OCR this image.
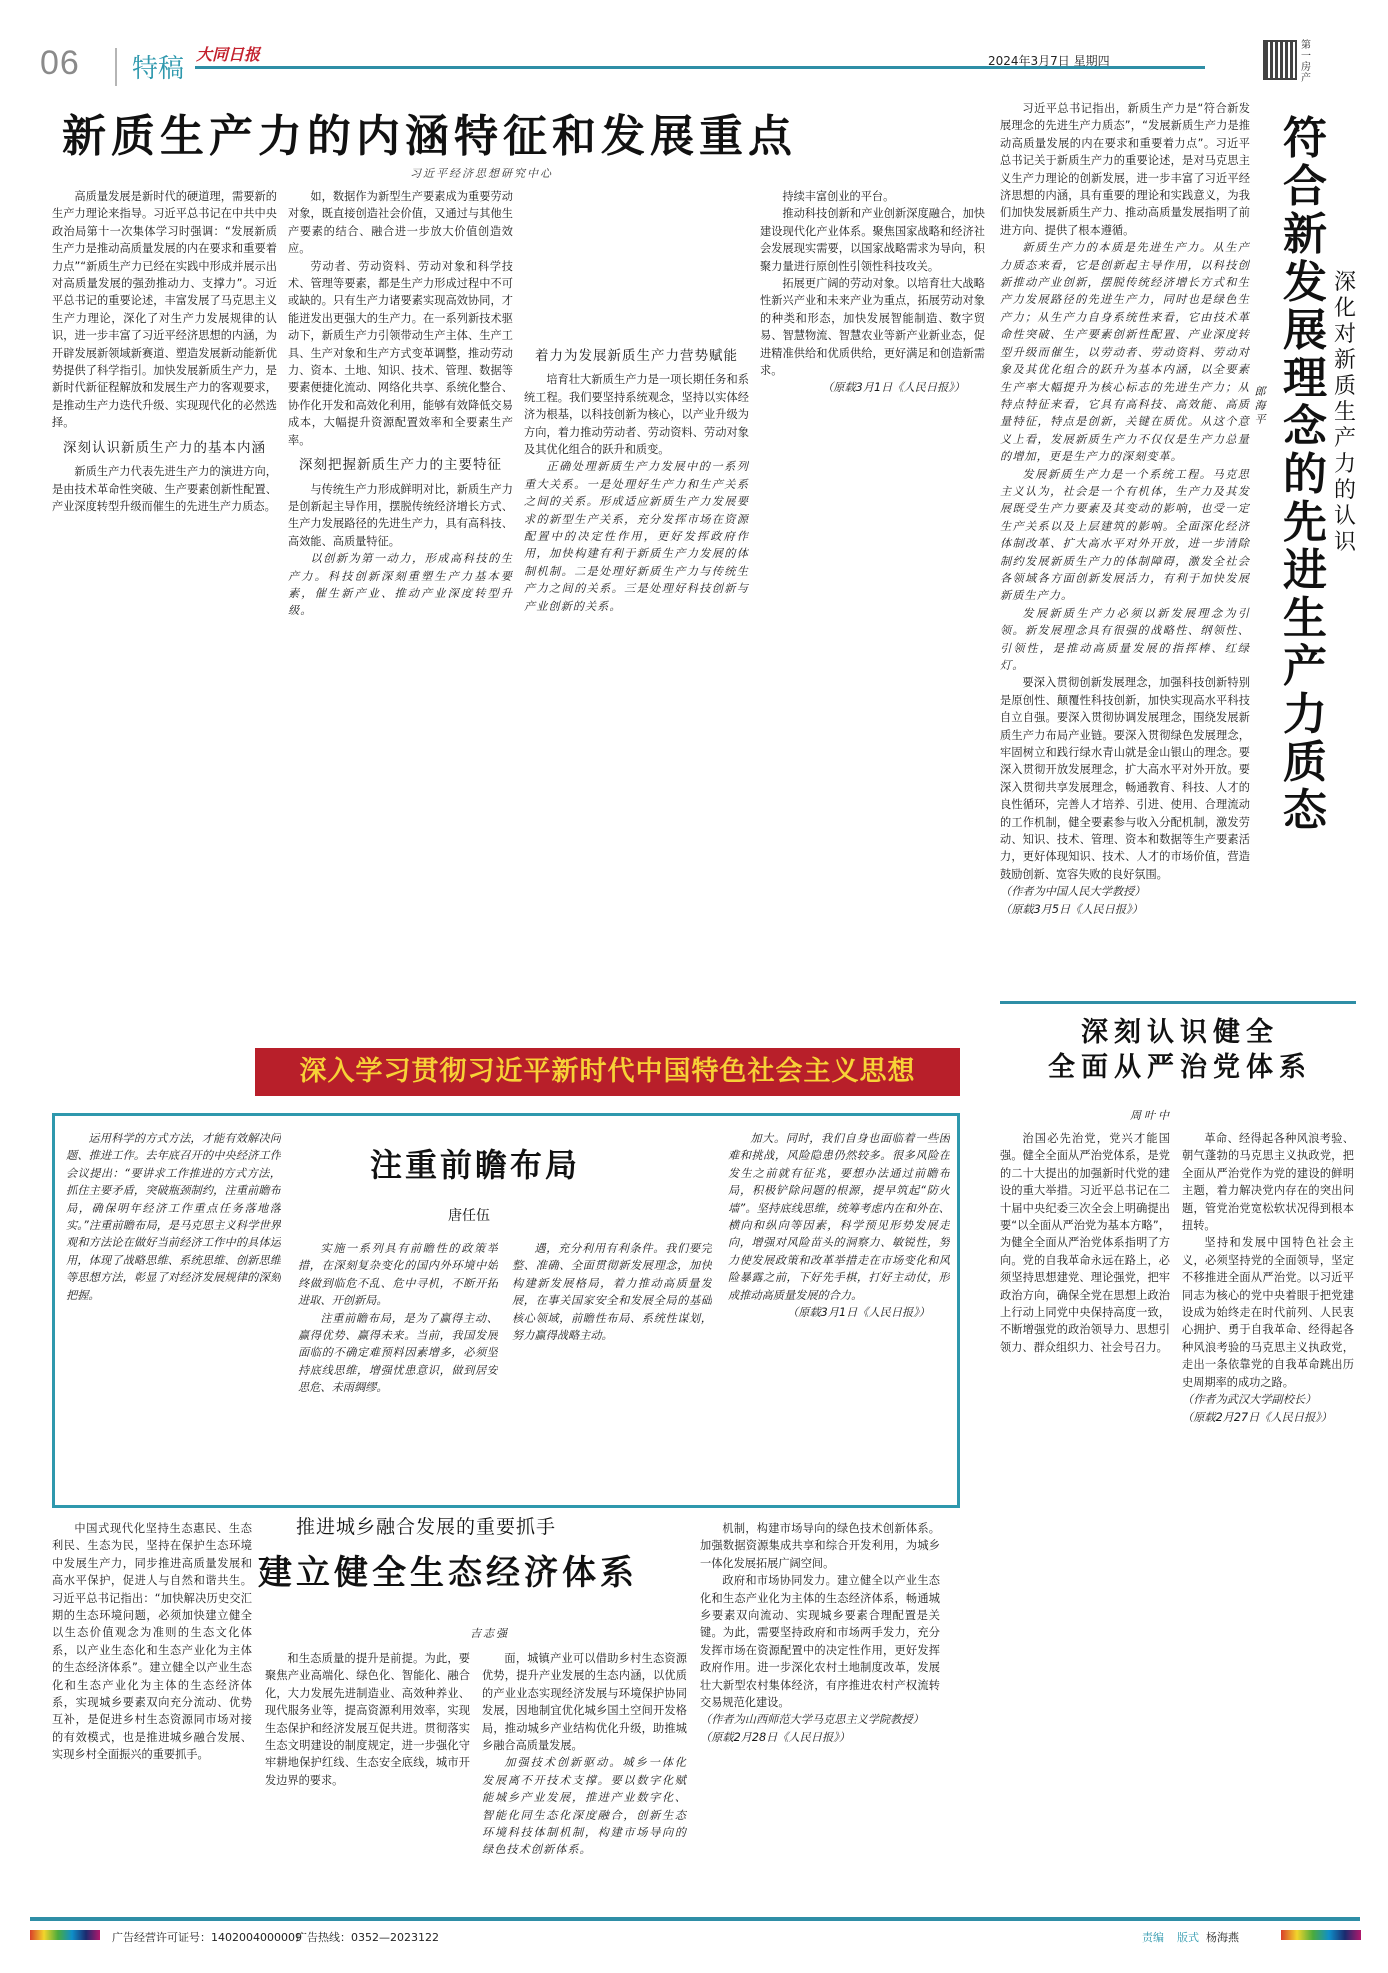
06 特稿 大同日报	2024年3月7日 星期四
第一房产
新质生产力的内涵特征和发展重点
习近平经济思想研究中心

高质量发展是新时代的硬道理，需要新的生产力理论来指导。习近平总书记在中共中央政治局第十一次集体学习时强调：“发展新质生产力是推动高质量发展的内在要求和重要着力点”“新质生产力已经在实践中形成并展示出对高质量发展的强劲推动力、支撑力”。习近平总书记的重要论述，丰富发展了马克思主义生产力理论，深化了对生产力发展规律的认识，进一步丰富了习近平经济思想的内涵，为开辟发展新领域新赛道、塑造发展新动能新优势提供了科学指引。加快发展新质生产力，是新时代新征程解放和发展生产力的客观要求，是推动生产力迭代升级、实现现代化的必然选择。

深刻认识新质生产力的基本内涵

新质生产力代表先进生产力的演进方向，是由技术革命性突破、生产要素创新性配置、产业深度转型升级而催生的先进生产力质态。

如，数据作为新型生产要素成为重要劳动对象，既直接创造社会价值，又通过与其他生产要素的结合、融合进一步放大价值创造效应。

劳动者、劳动资料、劳动对象和科学技术、管理等要素，都是生产力形成过程中不可或缺的。只有生产力诸要素实现高效协同，才能迸发出更强大的生产力。在一系列新技术驱动下，新质生产力引领带动生产主体、生产工具、生产对象和生产方式变革调整，推动劳动力、资本、土地、知识、技术、管理、数据等要素便捷化流动、网络化共享、系统化整合、协作化开发和高效化利用，能够有效降低交易成本，大幅提升资源配置效率和全要素生产率。

深刻把握新质生产力的主要特征

与传统生产力形成鲜明对比，新质生产力是创新起主导作用，摆脱传统经济增长方式、生产力发展路径的先进生产力，具有高科技、高效能、高质量特征。

以创新为第一动力，形成高科技的生产力。科技创新深刻重塑生产力基本要素，催生新产业、推动产业深度转型升级。

着力为发展新质生产力营势赋能

培育壮大新质生产力是一项长期任务和系统工程。我们要坚持系统观念，坚持以实体经济为根基，以科技创新为核心，以产业升级为方向，着力推动劳动者、劳动资料、劳动对象及其优化组合的跃升和质变。

正确处理新质生产力发展中的一系列重大关系。一是处理好生产力和生产关系之间的关系。形成适应新质生产力发展要求的新型生产关系，充分发挥市场在资源配置中的决定性作用，更好发挥政府作用，加快构建有利于新质生产力发展的体制机制。二是处理好新质生产力与传统生产力之间的关系。三是处理好科技创新与产业创新的关系。

持续丰富创业的平台。

推动科技创新和产业创新深度融合，加快建设现代化产业体系。聚焦国家战略和经济社会发展现实需要，以国家战略需求为导向，积聚力量进行原创性引领性科技攻关。

拓展更广阔的劳动对象。以培育壮大战略性新兴产业和未来产业为重点，拓展劳动对象的种类和形态，加快发展智能制造、数字贸易、智慧物流、智慧农业等新产业新业态，促进精准供给和优质供给，更好满足和创造新需求。

（原载3月1日《人民日报》）

习近平总书记指出，新质生产力是“符合新发展理念的先进生产力质态”，“发展新质生产力是推动高质量发展的内在要求和重要着力点”。习近平总书记关于新质生产力的重要论述，是对马克思主义生产力理论的创新发展，进一步丰富了习近平经济思想的内涵，具有重要的理论和实践意义，为我们加快发展新质生产力、推动高质量发展指明了前进方向、提供了根本遵循。

新质生产力的本质是先进生产力。从生产力质态来看，它是创新起主导作用，以科技创新推动产业创新，摆脱传统经济增长方式和生产力发展路径的先进生产力，同时也是绿色生产力；从生产力自身系统性来看，它由技术革命性突破、生产要素创新性配置、产业深度转型升级而催生，以劳动者、劳动资料、劳动对象及其优化组合的跃升为基本内涵，以全要素生产率大幅提升为核心标志的先进生产力；从特点特征来看，它具有高科技、高效能、高质量特征，特点是创新，关键在质优。从这个意义上看，发展新质生产力不仅仅是生产力总量的增加，更是生产力的深刻变革。

发展新质生产力是一个系统工程。马克思主义认为，社会是一个有机体，生产力及其发展既受生产力要素及其变动的影响，也受一定生产关系以及上层建筑的影响。全面深化经济体制改革、扩大高水平对外开放，进一步清除制约发展新质生产力的体制障碍，激发全社会各领域各方面创新发展活力，有利于加快发展新质生产力。

发展新质生产力必须以新发展理念为引领。新发展理念具有很强的战略性、纲领性、引领性，是推动高质量发展的指挥棒、红绿灯。

要深入贯彻创新发展理念，加强科技创新特别是原创性、颠覆性科技创新，加快实现高水平科技自立自强。要深入贯彻协调发展理念，围绕发展新质生产力布局产业链。要深入贯彻绿色发展理念，牢固树立和践行绿水青山就是金山银山的理念。要深入贯彻开放发展理念，扩大高水平对外开放。要深入贯彻共享发展理念，畅通教育、科技、人才的良性循环，完善人才培养、引进、使用、合理流动的工作机制，健全要素参与收入分配机制，激发劳动、知识、技术、管理、资本和数据等生产要素活力，更好体现知识、技术、人才的市场价值，营造鼓励创新、宽容失败的良好氛围。

（作者为中国人民大学教授）

（原载3月5日《人民日报》）

符合新发展理念的先进生产力质态
深化对新质生产力的认识
郎海平
深入学习贯彻习近平新时代中国特色社会主义思想
注重前瞻布局
唐任伍

运用科学的方式方法，才能有效解决问题、推进工作。去年底召开的中央经济工作会议提出：“要讲求工作推进的方式方法，抓住主要矛盾，突破瓶颈制约，注重前瞻布局，确保明年经济工作重点任务落地落实。”注重前瞻布局，是马克思主义科学世界观和方法论在做好当前经济工作中的具体运用，体现了战略思维、系统思维、创新思维等思想方法，彰显了对经济发展规律的深刻把握。

实施一系列具有前瞻性的政策举措，在深刻复杂变化的国内外环境中始终做到临危不乱、危中寻机，不断开拓进取、开创新局。

注重前瞻布局，是为了赢得主动、赢得优势、赢得未来。当前，我国发展面临的不确定难预料因素增多，必须坚持底线思维，增强忧患意识，做到居安思危、未雨绸缪。

遇，充分利用有利条件。我们要完整、准确、全面贯彻新发展理念，加快构建新发展格局，着力推动高质量发展，在事关国家安全和发展全局的基础核心领域，前瞻性布局、系统性谋划，努力赢得战略主动。

加大。同时，我们自身也面临着一些困难和挑战，风险隐患仍然较多。很多风险在发生之前就有征兆，要想办法通过前瞻布局，积极铲除问题的根源，提早筑起“防火墙”。坚持底线思维，统筹考虑内在和外在、横向和纵向等因素，科学预见形势发展走向，增强对风险苗头的洞察力、敏锐性，努力使发展政策和改革举措走在市场变化和风险暴露之前，下好先手棋，打好主动仗，形成推动高质量发展的合力。

（原载3月1日《人民日报》）

深刻认识健全
全面从严治党体系
周叶中

治国必先治党，党兴才能国强。健全全面从严治党体系，是党的二十大提出的加强新时代党的建设的重大举措。习近平总书记在二十届中央纪委三次全会上明确提出要“以全面从严治党为基本方略”，为健全全面从严治党体系指明了方向。党的自我革命永远在路上，必须坚持思想建党、理论强党，把牢政治方向，确保全党在思想上政治上行动上同党中央保持高度一致，不断增强党的政治领导力、思想引领力、群众组织力、社会号召力。

革命、经得起各种风浪考验、朝气蓬勃的马克思主义执政党，把全面从严治党作为党的建设的鲜明主题，着力解决党内存在的突出问题，管党治党宽松软状况得到根本扭转。

坚持和发展中国特色社会主义，必须坚持党的全面领导，坚定不移推进全面从严治党。以习近平同志为核心的党中央着眼于把党建设成为始终走在时代前列、人民衷心拥护、勇于自我革命、经得起各种风浪考验的马克思主义执政党，走出一条依靠党的自我革命跳出历史周期率的成功之路。

（作者为武汉大学副校长）

（原载2月27日《人民日报》）

推进城乡融合发展的重要抓手
建立健全生态经济体系
吉志强

中国式现代化坚持生态惠民、生态利民、生态为民，坚持在保护生态环境中发展生产力，同步推进高质量发展和高水平保护，促进人与自然和谐共生。习近平总书记指出：“加快解决历史交汇期的生态环境问题，必须加快建立健全以生态价值观念为准则的生态文化体系，以产业生态化和生态产业化为主体的生态经济体系”。建立健全以产业生态化和生态产业化为主体的生态经济体系，实现城乡要素双向充分流动、优势互补，是促进乡村生态资源同市场对接的有效模式，也是推进城乡融合发展、实现乡村全面振兴的重要抓手。

和生态质量的提升是前提。为此，要聚焦产业高端化、绿色化、智能化、融合化，大力发展先进制造业、高效种养业、现代服务业等，提高资源利用效率，实现生态保护和经济发展互促共进。贯彻落实生态文明建设的制度规定，进一步强化守牢耕地保护红线、生态安全底线，城市开发边界的要求。

面，城镇产业可以借助乡村生态资源优势，提升产业发展的生态内涵，以优质的产业业态实现经济发展与环境保护协同发展，因地制宜优化城乡国土空间开发格局，推动城乡产业结构优化升级，助推城乡融合高质量发展。

加强技术创新驱动。城乡一体化发展离不开技术支撑。要以数字化赋能城乡产业发展，推进产业数字化、智能化同生态化深度融合，创新生态环境科技体制机制，构建市场导向的绿色技术创新体系。

机制，构建市场导向的绿色技术创新体系。加强数据资源集成共享和综合开发利用，为城乡一体化发展拓展广阔空间。

政府和市场协同发力。建立健全以产业生态化和生态产业化为主体的生态经济体系，畅通城乡要素双向流动、实现城乡要素合理配置是关键。为此，需要坚持政府和市场两手发力，充分发挥市场在资源配置中的决定性作用，更好发挥政府作用。进一步深化农村土地制度改革，发展壮大新型农村集体经济，有序推进农村产权流转交易规范化建设。

（作者为山西师范大学马克思主义学院教授）

（原载2月28日《人民日报》）

广告经营许可证号：1402004000009
广告热线：0352—2023122	责编 版式 杨海燕
